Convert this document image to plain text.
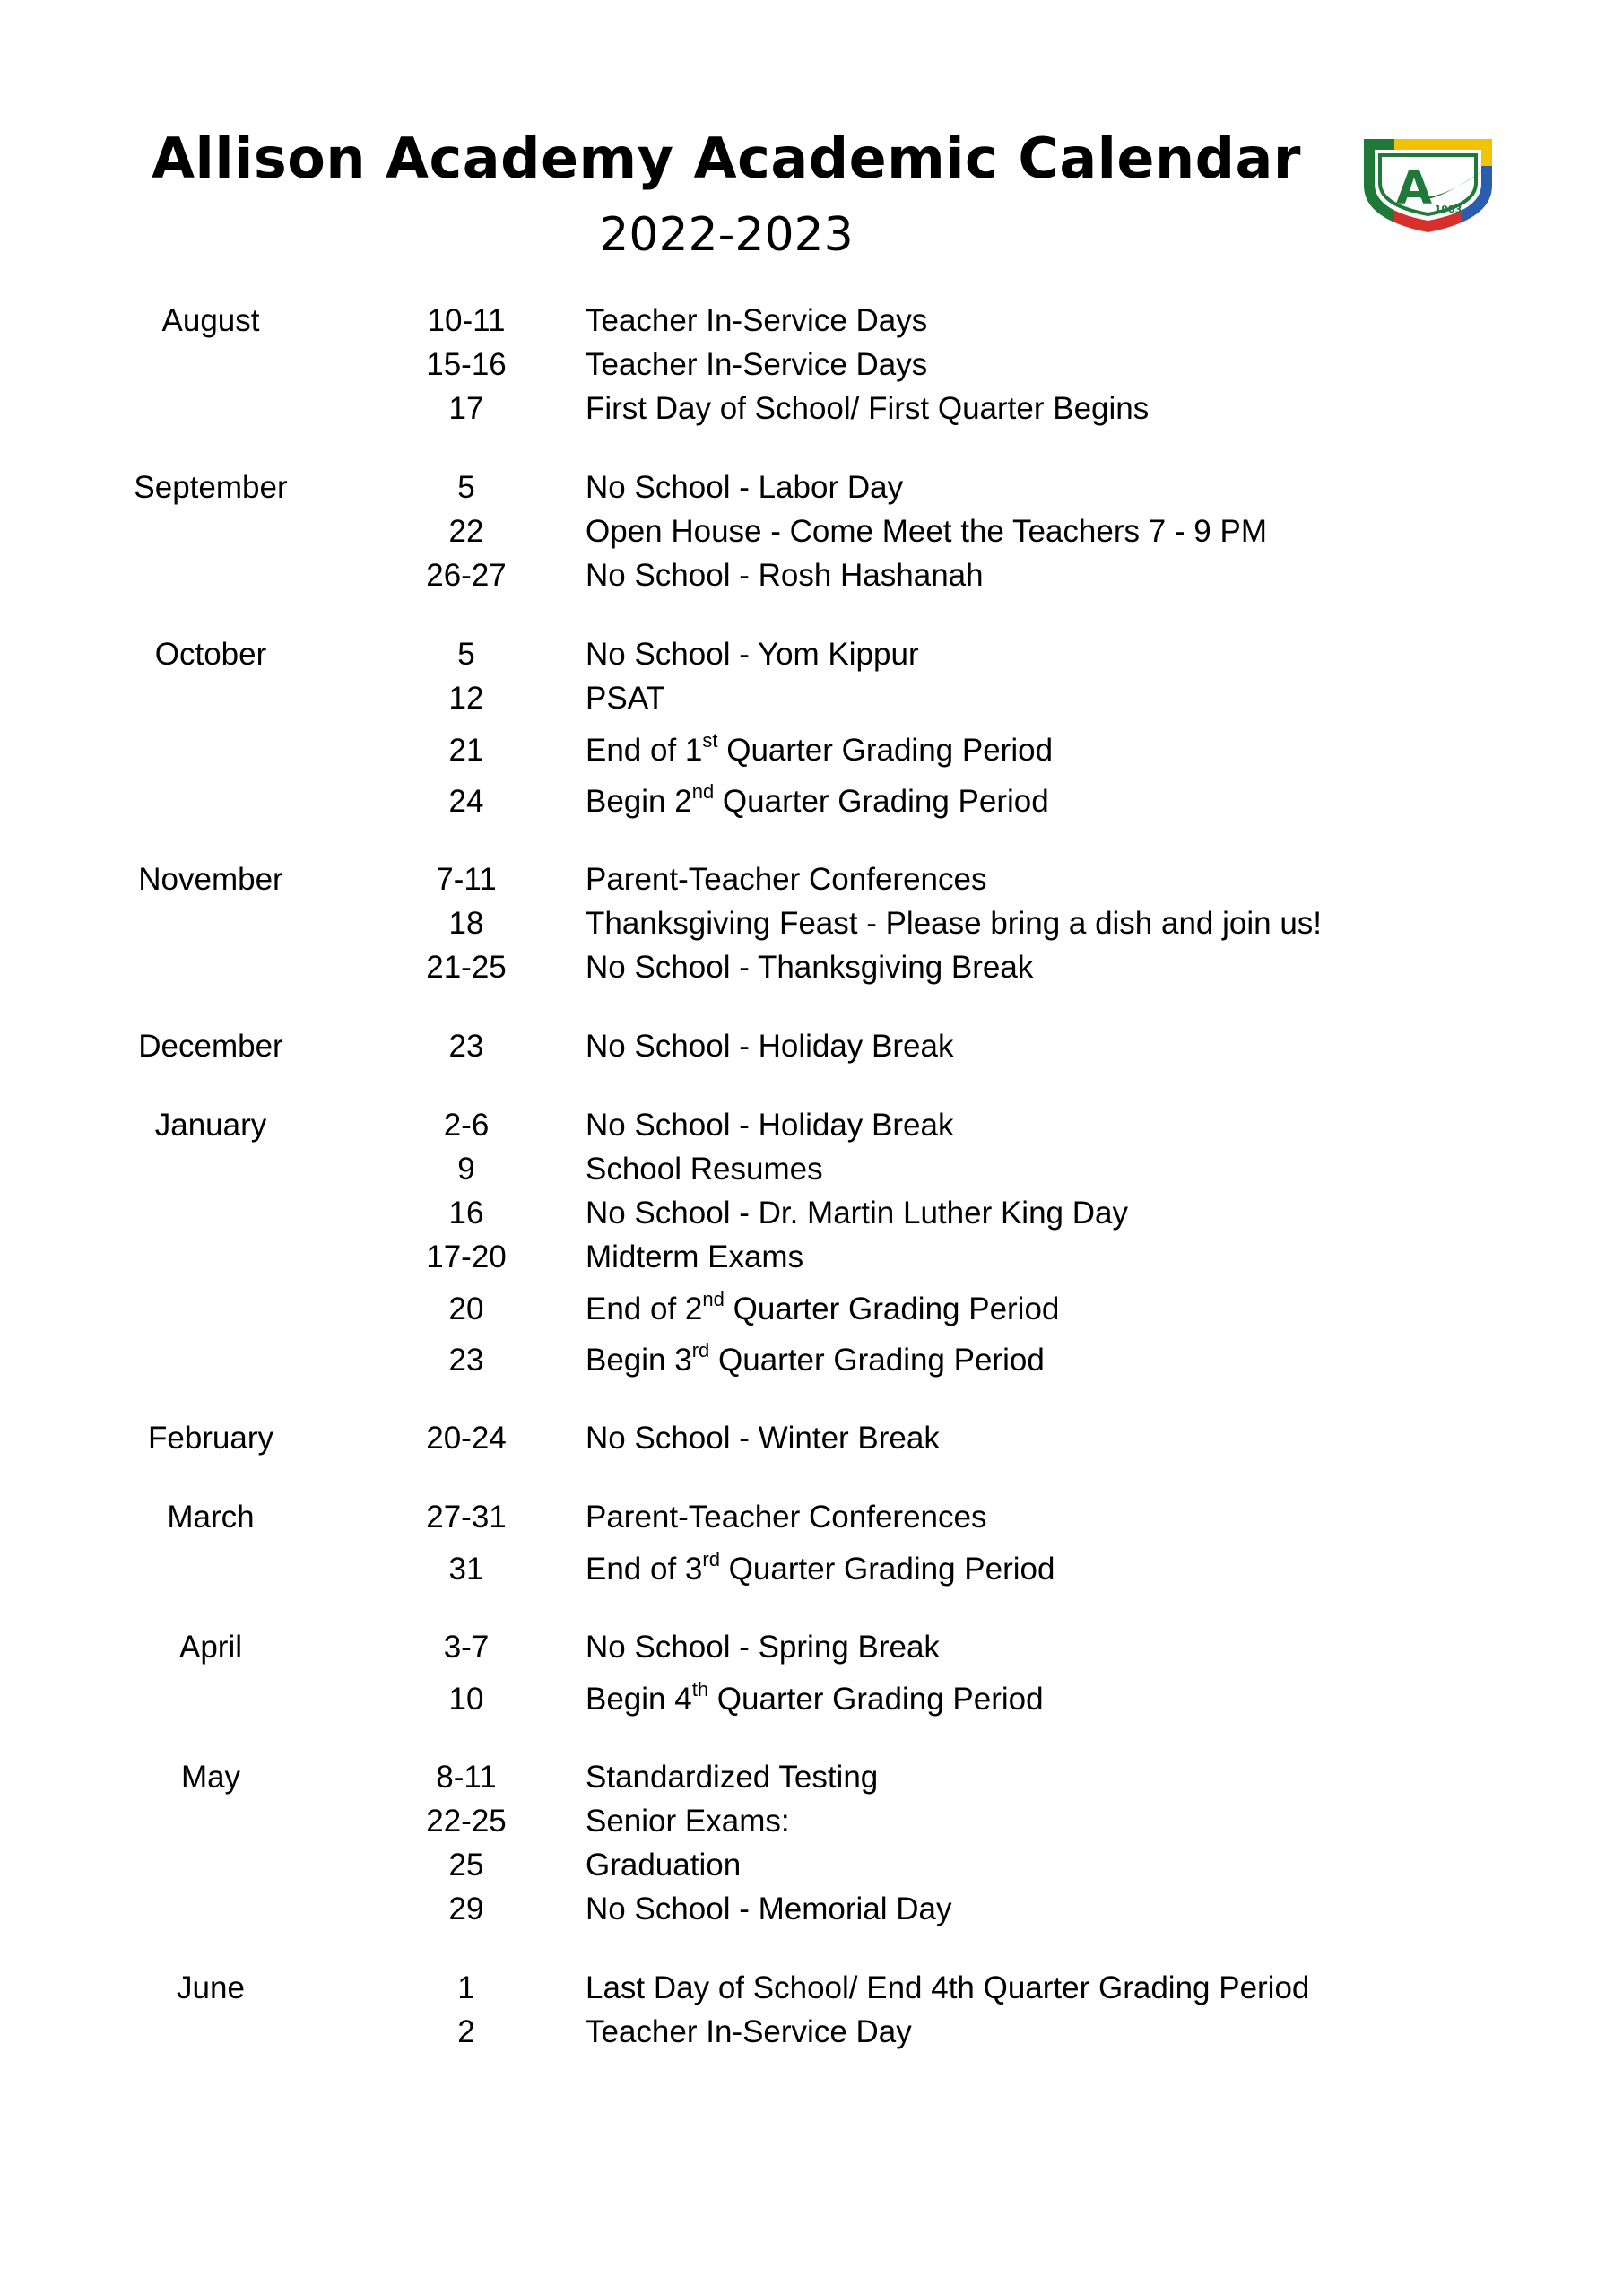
Allison Academy Academic Calendar
2022-2023
A 1983
August	10-11	Teacher In-Service Days
15-16	Teacher In-Service Days
17	First Day of School/ First Quarter Begins
September	5	No School - Labor Day
22	Open House - Come Meet the Teachers 7 - 9 PM
26-27	No School - Rosh Hashanah
October	5	No School - Yom Kippur
12	PSAT
21	End of 1st Quarter Grading Period
24	Begin 2nd Quarter Grading Period
November	7-11	Parent-Teacher Conferences
18	Thanksgiving Feast - Please bring a dish and join us!
21-25	No School - Thanksgiving Break
December	23	No School - Holiday Break
January	2-6	No School - Holiday Break
9	School Resumes
16	No School - Dr. Martin Luther King Day
17-20	Midterm Exams
20	End of 2nd Quarter Grading Period
23	Begin 3rd Quarter Grading Period
February	20-24	No School - Winter Break
March	27-31	Parent-Teacher Conferences
31	End of 3rd Quarter Grading Period
April	3-7	No School - Spring Break
10	Begin 4th Quarter Grading Period
May	8-11	Standardized Testing
22-25	Senior Exams:
25	Graduation
29	No School - Memorial Day
June	1	Last Day of School/ End 4th Quarter Grading Period
2	Teacher In-Service Day
